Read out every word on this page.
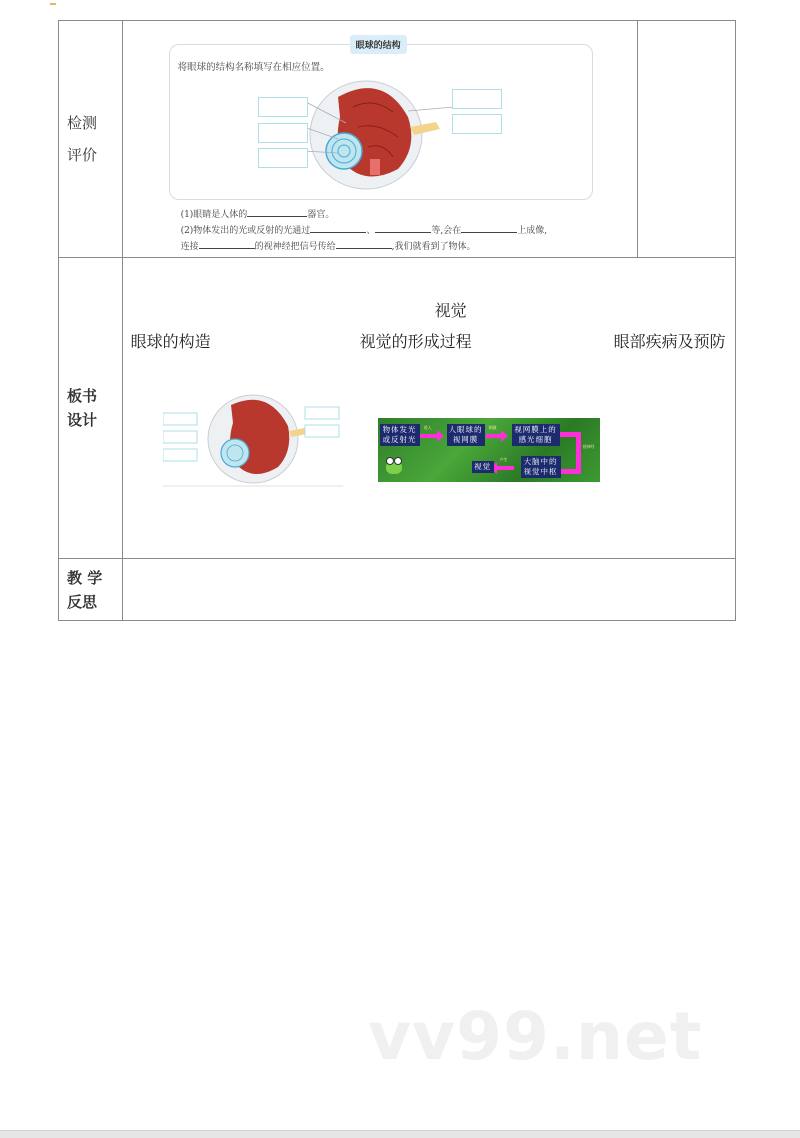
检测
评价

眼球的结构
将眼球的结构名称填写在相应位置。
(1)眼睛是人体的	器官。
(2)物体发出的光或反射的光通过	、	等,会在	上成像,
连接	的视神经把信号传给	,我们就看到了物体。

板书
设计

视觉
眼球的构造	视觉的形成过程	眼部疾病及预防
物体发光 或反射光
进入 人眼球的 视网膜
刺激	视网膜上的 感光细胞
视神经
大脑中的 视觉中枢
产生
视觉

教 学
反思		

vv99.net
